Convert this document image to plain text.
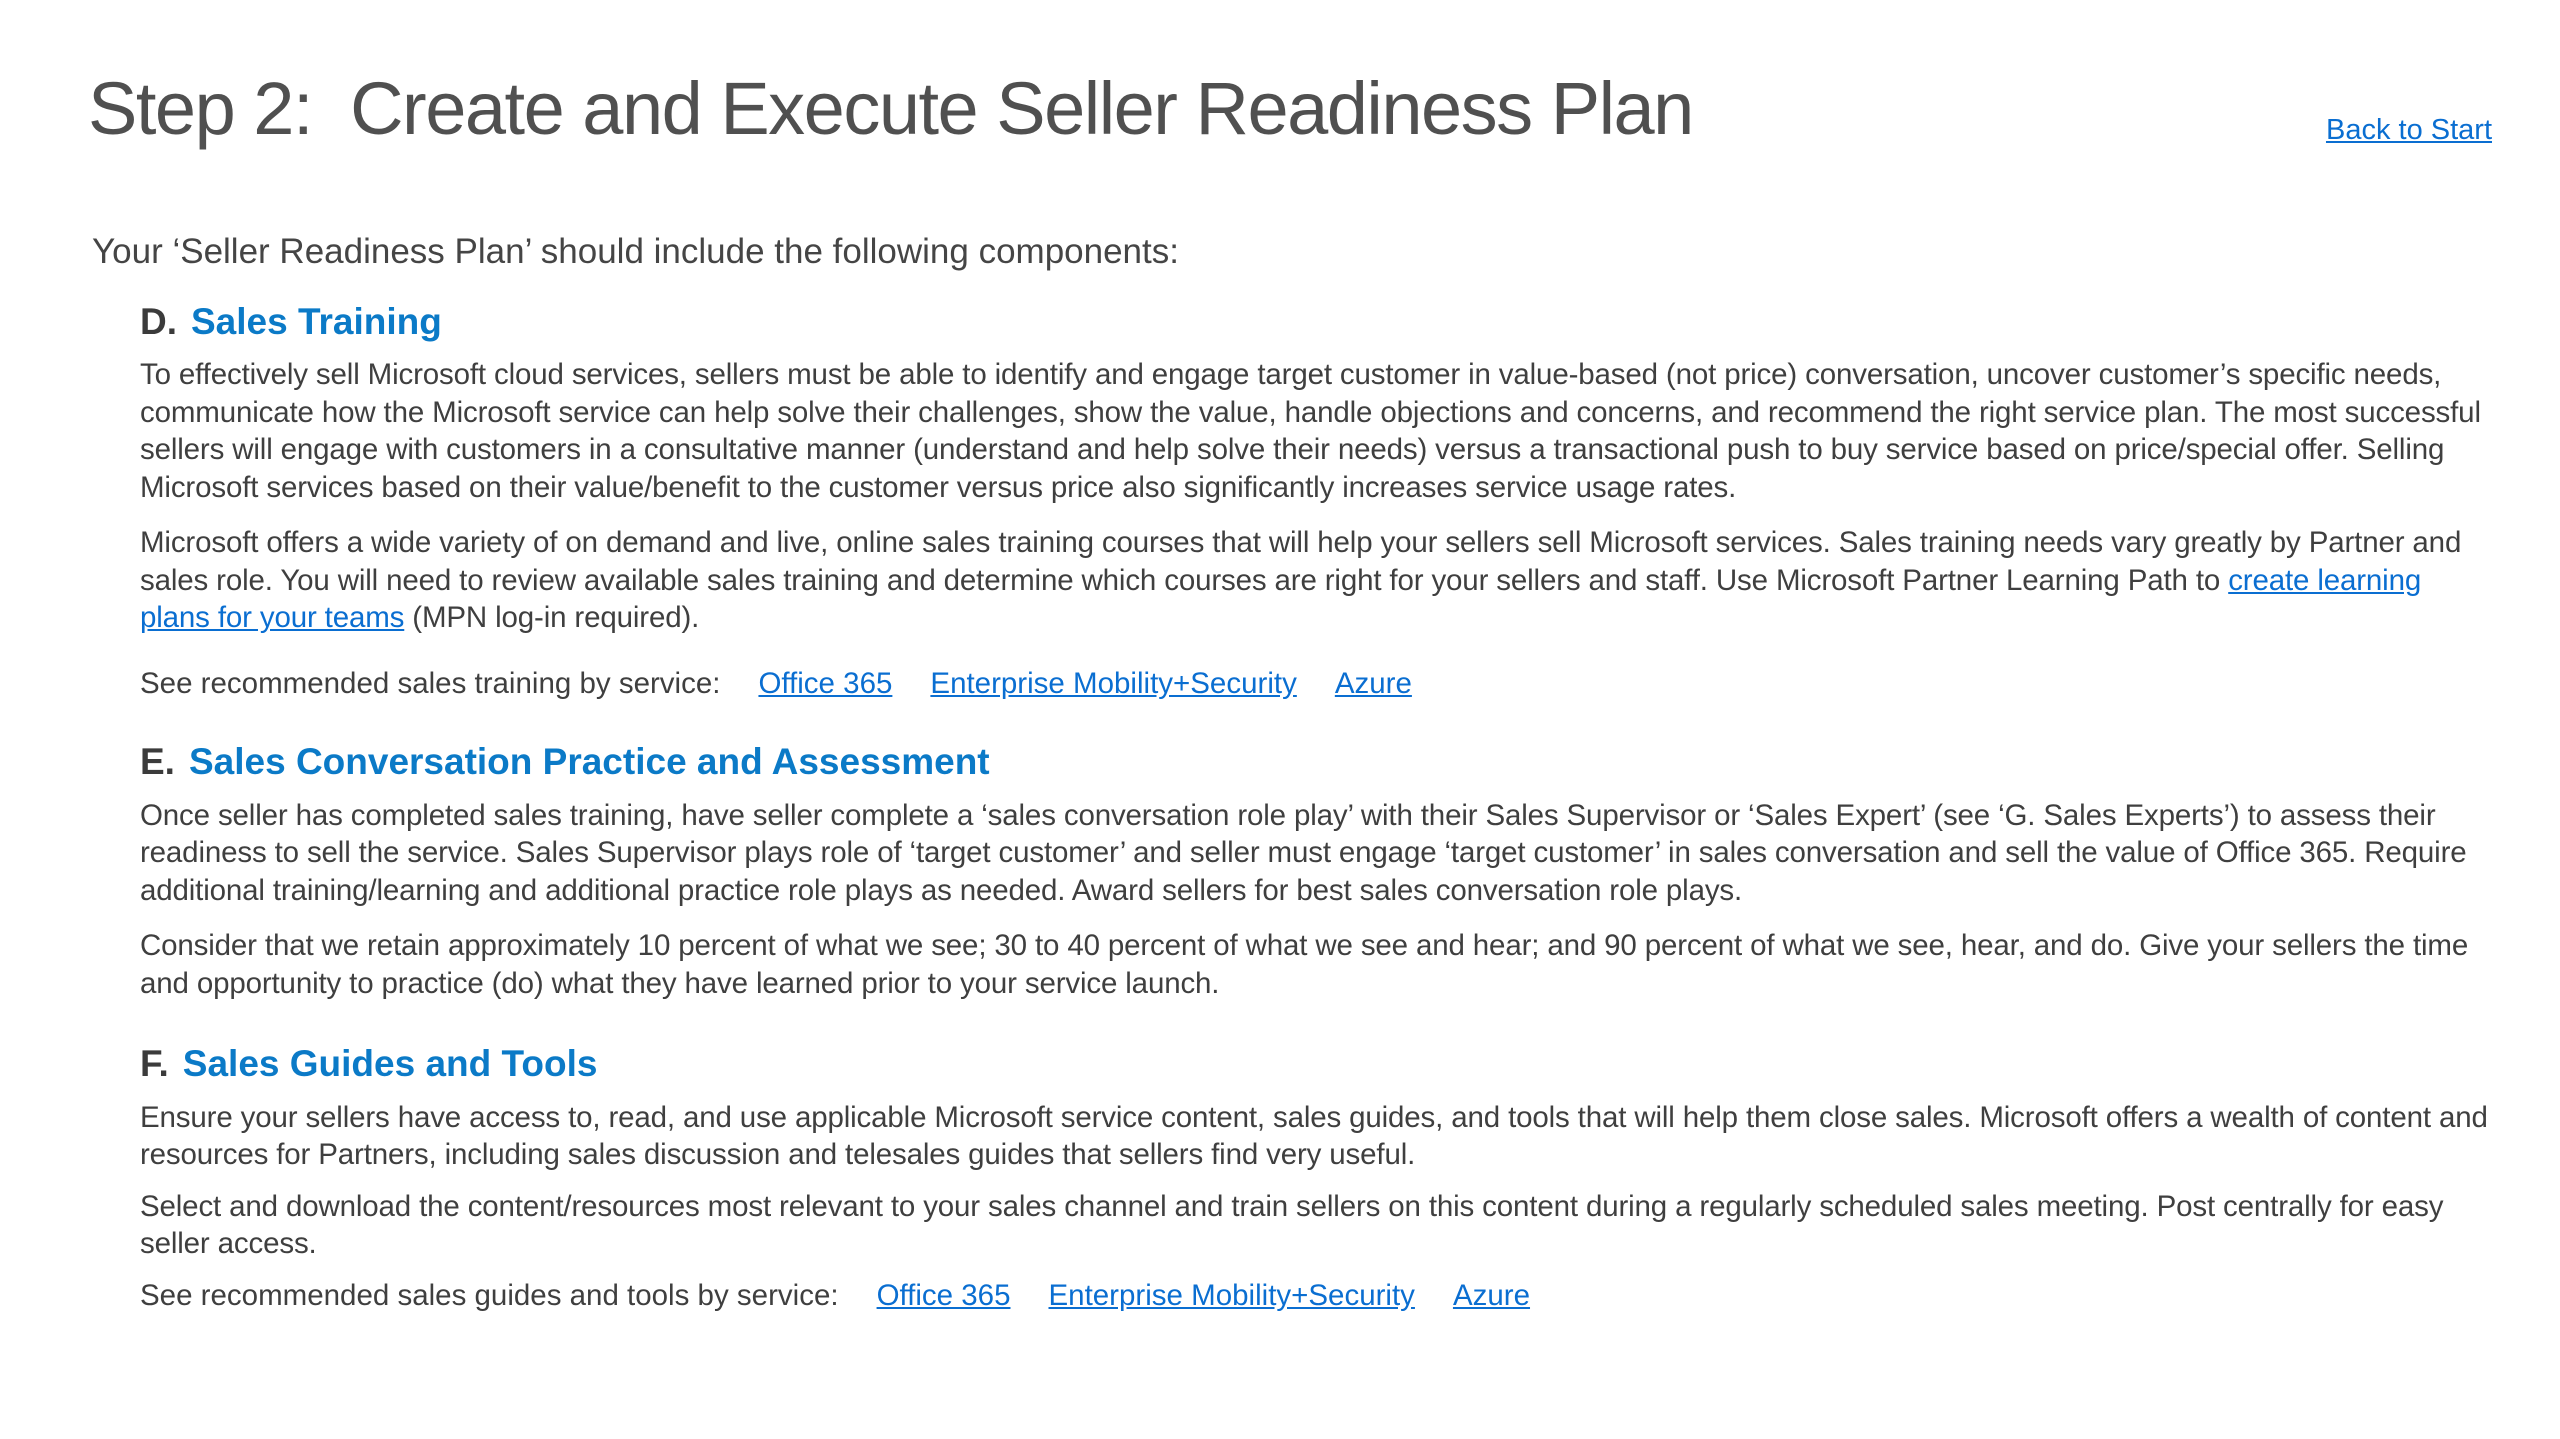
Step 2:  Create and Execute Seller Readiness Plan	Back to Start

Your ‘Seller Readiness Plan’ should include the following components:

D. Sales Training

To effectively sell Microsoft cloud services, sellers must be able to identify and engage target customer in value-based (not price) conversation, uncover customer’s specific needs, communicate how the Microsoft service can help solve their challenges, show the value, handle objections and concerns, and recommend the right service plan. The most successful sellers will engage with customers in a consultative manner (understand and help solve their needs) versus a transactional push to buy service based on price/special offer. Selling Microsoft services based on their value/benefit to the customer versus price also significantly increases service usage rates.

Microsoft offers a wide variety of on demand and live, online sales training courses that will help your sellers sell Microsoft services. Sales training needs vary greatly by Partner and sales role. You will need to review available sales training and determine which courses are right for your sellers and staff. Use Microsoft Partner Learning Path to create learning plans for your teams (MPN log-in required).

See recommended sales training by service: Office 365 Enterprise Mobility+Security Azure

E. Sales Conversation Practice and Assessment

Once seller has completed sales training, have seller complete a ‘sales conversation role play’ with their Sales Supervisor or ‘Sales Expert’ (see ‘G. Sales Experts’) to assess their readiness to sell the service. Sales Supervisor plays role of ‘target customer’ and seller must engage ‘target customer’ in sales conversation and sell the value of Office 365. Require additional training/learning and additional practice role plays as needed. Award sellers for best sales conversation role plays.

Consider that we retain approximately 10 percent of what we see; 30 to 40 percent of what we see and hear; and 90 percent of what we see, hear, and do. Give your sellers the time and opportunity to practice (do) what they have learned prior to your service launch.

F. Sales Guides and Tools

Ensure your sellers have access to, read, and use applicable Microsoft service content, sales guides, and tools that will help them close sales. Microsoft offers a wealth of content and resources for Partners, including sales discussion and telesales guides that sellers find very useful.

Select and download the content/resources most relevant to your sales channel and train sellers on this content during a regularly scheduled sales meeting. Post centrally for easy seller access.

See recommended sales guides and tools by service: Office 365 Enterprise Mobility+Security Azure
